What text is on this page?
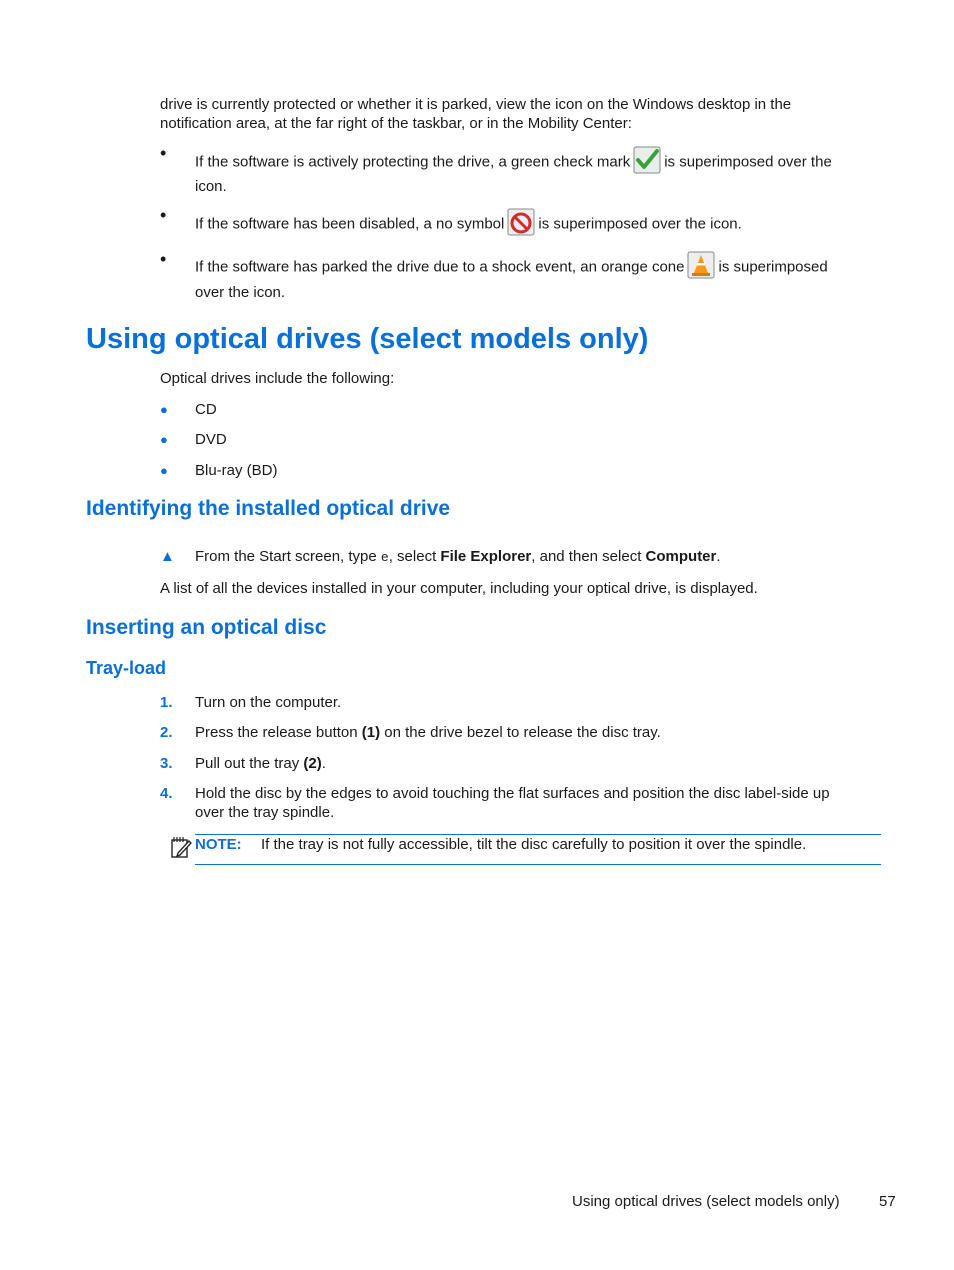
drive is currently protected or whether it is parked, view the icon on the Windows desktop in the
notification area, at the far right of the taskbar, or in the Mobility Center:
• If the software is actively protecting the drive, a green check mark is superimposed over the
icon.
• If the software has been disabled, a no symbol is superimposed over the icon.
• If the software has parked the drive due to a shock event, an orange cone is superimposed
over the icon.
Using optical drives (select models only)
Optical drives include the following:
● CD
● DVD
● Blu-ray (BD)
Identifying the installed optical drive
▲ From the Start screen, type e, select File Explorer, and then select Computer.
A list of all the devices installed in your computer, including your optical drive, is displayed.
Inserting an optical disc
Tray-load
1. Turn on the computer.
2. Press the release button (1) on the drive bezel to release the disc tray.
3. Pull out the tray (2).
4. Hold the disc by the edges to avoid touching the flat surfaces and position the disc label-side up
over the tray spindle.
NOTE: If the tray is not fully accessible, tilt the disc carefully to position it over the spindle.
Using optical drives (select models only)	57
